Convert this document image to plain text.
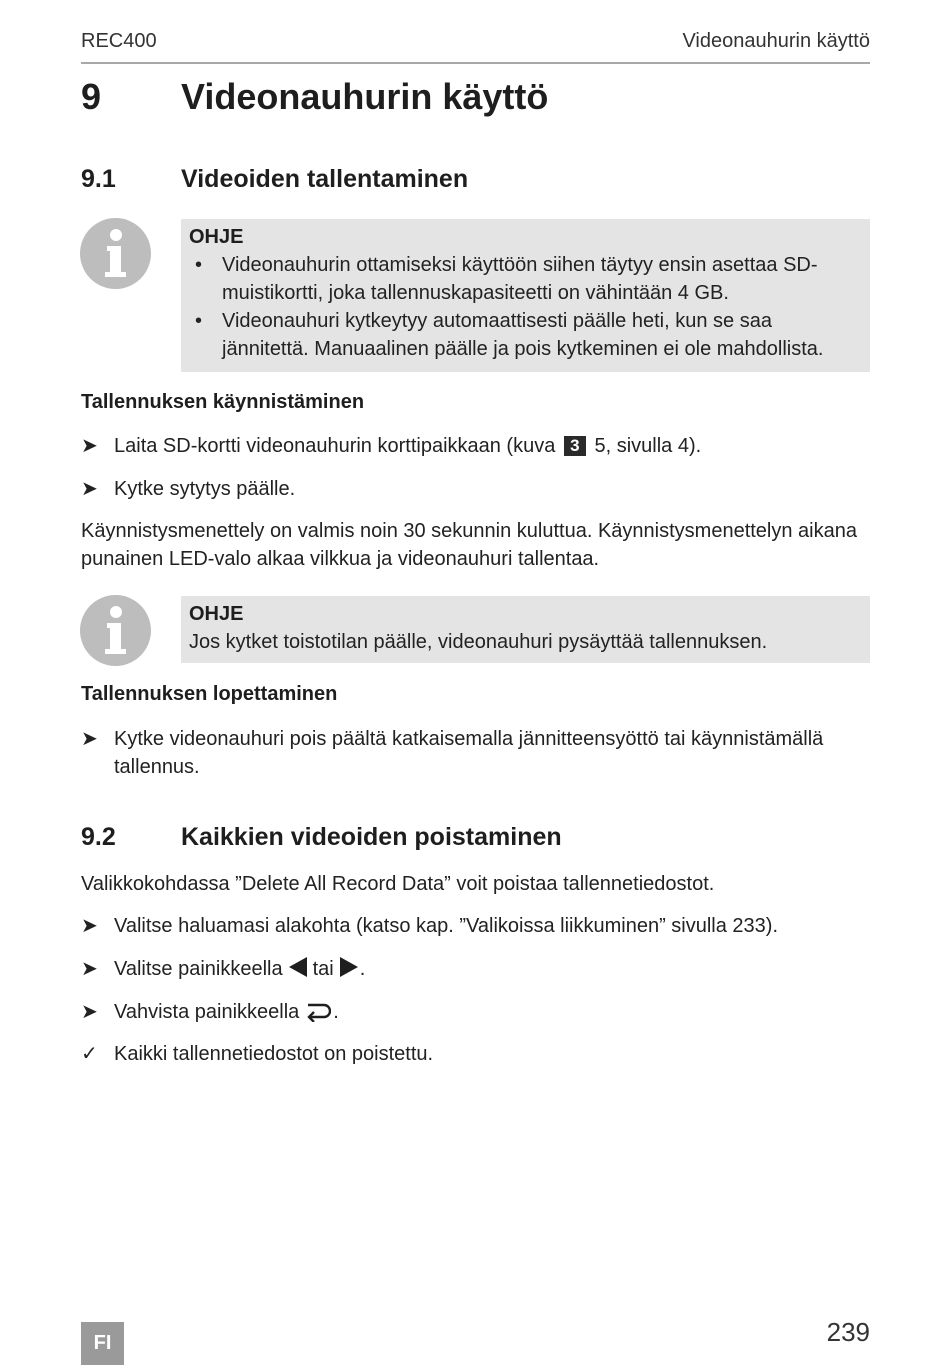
REC400	Videonauhurin käyttö
9 Videonauhurin käyttö
9.1	Videoiden tallentaminen
OHJE
• Videonauhurin ottamiseksi käyttöön siihen täytyy ensin asettaa SD-muistikortti, joka tallennuskapasiteetti on vähintään 4 GB.
• Videonauhuri kytkeytyy automaattisesti päälle heti, kun se saa jännitettä. Manuaalinen päälle ja pois kytkeminen ei ole mahdollista.
Tallennuksen käynnistäminen
➤ Laita SD-kortti videonauhurin korttipaikkaan (kuva 3 5, sivulla 4).
➤ Kytke sytytys päälle.
Käynnistysmenettely on valmis noin 30 sekunnin kuluttua. Käynnistysmenettelyn aikana punainen LED-valo alkaa vilkkua ja videonauhuri tallentaa.
OHJE
Jos kytket toistotilan päälle, videonauhuri pysäyttää tallennuksen.
Tallennuksen lopettaminen
➤ Kytke videonauhuri pois päältä katkaisemalla jännitteensyöttö tai käynnistämällä tallennus.
9.2	Kaikkien videoiden poistaminen
Valikkokohdassa ”Delete All Record Data” voit poistaa tallennetiedostot.
➤ Valitse haluamasi alakohta (katso kap. ”Valikoissa liikkuminen” sivulla 233).
➤ Valitse painikkeella tai .
➤ Vahvista painikkeella .
✓ Kaikki tallennetiedostot on poistettu.
FI	239
